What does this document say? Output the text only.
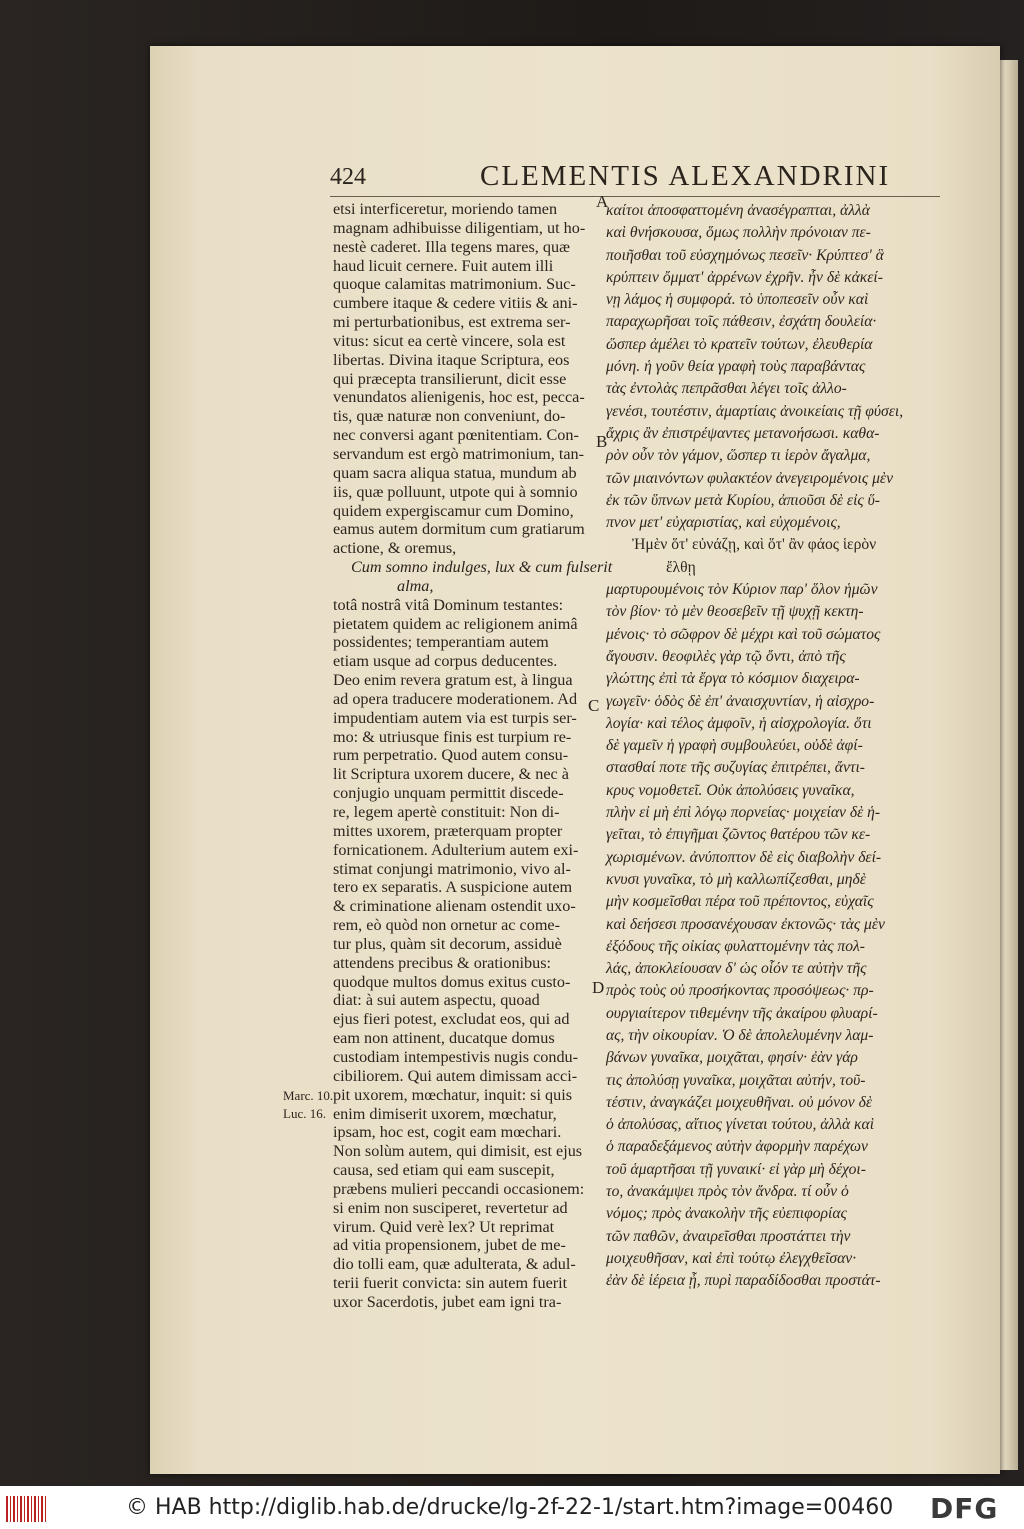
424	CLEMENTIS ALEXANDRINI
etsi interficeretur, moriendo tamen
magnam adhibuisse diligentiam, ut ho-
nestè caderet. Illa tegens mares, quæ
haud licuit cernere. Fuit autem illi
quoque calamitas matrimonium. Suc-
cumbere itaque & cedere vitiis & ani-
mi perturbationibus, est extrema ser-
vitus: sicut ea certè vincere, sola est
libertas. Divina itaque Scriptura, eos
qui præcepta transilierunt, dicit esse
venundatos alienigenis, hoc est, pecca-
tis, quæ naturæ non conveniunt, do-
nec conversi agant pœnitentiam. Con-
servandum est ergò matrimonium, tan-
quam sacra aliqua statua, mundum ab
iis, quæ polluunt, utpote qui à somnio
quidem expergiscamur cum Domino,
eamus autem dormitum cum gratiarum
actione, & oremus,
Cum somno indulges, lux & cum fulserit
alma,
totâ nostrâ vitâ Dominum testantes:
pietatem quidem ac religionem animâ
possidentes; temperantiam autem
etiam usque ad corpus deducentes.
Deo enim revera gratum est, à lingua
ad opera traducere moderationem. Ad
impudentiam autem via est turpis ser-
mo: & utriusque finis est turpium re-
rum perpetratio. Quod autem consu-
lit Scriptura uxorem ducere, & nec à
conjugio unquam permittit discede-
re, legem apertè constituit: Non di-
mittes uxorem, præterquam propter
fornicationem. Adulterium autem exi-
stimat conjungi matrimonio, vivo al-
tero ex separatis. A suspicione autem
& criminatione alienam ostendit uxo-
rem, eò quòd non ornetur ac come-
tur plus, quàm sit decorum, assiduè
attendens precibus & orationibus:
quodque multos domus exitus custo-
diat: à sui autem aspectu, quoad
ejus fieri potest, excludat eos, qui ad
eam non attinent, ducatque domus
custodiam intempestivis nugis condu-
cibiliorem. Qui autem dimissam acci-
pit uxorem, mœchatur, inquit: si quis
enim dimiserit uxorem, mœchatur,
ipsam, hoc est, cogit eam mœchari.
Non solùm autem, qui dimisit, est ejus
causa, sed etiam qui eam suscepit,
præbens mulieri peccandi occasionem:
si enim non susciperet, revertetur ad
virum. Quid verè lex? Ut reprimat
ad vitia propensionem, jubet de me-
dio tolli eam, quæ adulterata, & adul-
terii fuerit convicta: sin autem fuerit
uxor Sacerdotis, jubet eam igni tra-
καίτοι ἀποσφαττομένη ἀνασέγραπται, ἀλλὰ
καὶ θνήσκουσα, ὅμως πολλὴν πρόνοιαν πε-
ποιῆσθαι τοῦ εὐσχημόνως πεσεῖν· Κρύπτεσ' ἃ
κρύπτειν ὄμματ' ἀρρένων ἐχρῆν. ἦν δὲ κἀκεί-
νῃ λάμος ἡ συμφορά. τὸ ὑποπεσεῖν οὖν καὶ
παραχωρῆσαι τοῖς πάθεσιν, ἐσχάτη δουλεία·
ὥσπερ ἀμέλει τὸ κρατεῖν τούτων, ἐλευθερία
μόνη. ἡ γοῦν θεία γραφὴ τοὺς παραβάντας
τὰς ἐντολὰς πεπρᾶσθαι λέγει τοῖς ἀλλο-
γενέσι, τουτέστιν, ἁμαρτίαις ἀνοικείαις τῇ φύσει,
ἄχρις ἂν ἐπιστρέψαντες μετανοήσωσι. καθα-
ρὸν οὖν τὸν γάμον, ὥσπερ τι ἱερὸν ἄγαλμα,
τῶν μιαινόντων φυλακτέον ἀνεγειρομένοις μὲν
ἐκ τῶν ὕπνων μετὰ Κυρίου, ἀπιοῦσι δὲ εἰς ὕ-
πνον μετ' εὐχαριστίας, καὶ εὐχομένοις,
Ἠμὲν ὅτ' εὐνάζῃ, καὶ ὅτ' ἂν φάος ἱερὸν
ἔλθῃ
μαρτυρουμένοις τὸν Κύριον παρ' ὅλον ἡμῶν
τὸν βίον· τὸ μὲν θεοσεβεῖν τῇ ψυχῇ κεκτη-
μένοις· τὸ σῶφρον δὲ μέχρι καὶ τοῦ σώματος
ἄγουσιν. θεοφιλὲς γὰρ τῷ ὄντι, ἀπὸ τῆς
γλώττης ἐπὶ τὰ ἔργα τὸ κόσμιον διαχειρα-
γωγεῖν· ὁδὸς δὲ ἐπ' ἀναισχυντίαν, ἡ αἰσχρο-
λογία· καὶ τέλος ἀμφοῖν, ἡ αἰσχρολογία. ὅτι
δὲ γαμεῖν ἡ γραφὴ συμβουλεύει, οὐδὲ ἀφί-
στασθαί ποτε τῆς συζυγίας ἐπιτρέπει, ἄντι-
κρυς νομοθετεῖ. Οὐκ ἀπολύσεις γυναῖκα,
πλὴν εἰ μὴ ἐπὶ λόγῳ πορνείας· μοιχείαν δὲ ἡ-
γεῖται, τὸ ἐπιγῆμαι ζῶντος θατέρου τῶν κε-
χωρισμένων. ἀνύποπτον δὲ εἰς διαβολὴν δεί-
κνυσι γυναῖκα, τὸ μὴ καλλωπίζεσθαι, μηδὲ
μὴν κοσμεῖσθαι πέρα τοῦ πρέποντος, εὐχαῖς
καὶ δεήσεσι προσανέχουσαν ἐκτονῶς· τὰς μὲν
ἐξόδους τῆς οἰκίας φυλαττομένην τὰς πολ-
λάς, ἀποκλείουσαν δ' ὡς οἷόν τε αὐτὴν τῆς
πρὸς τοὺς οὐ προσήκοντας προσόψεως· πρ-
ουργιαίτερον τιθεμένην τῆς ἀκαίρου φλυαρί-
ας, τὴν οἰκουρίαν. Ὁ δὲ ἀπολελυμένην λαμ-
βάνων γυναῖκα, μοιχᾶται, φησίν· ἐὰν γάρ
τις ἀπολύσῃ γυναῖκα, μοιχᾶται αὐτήν, τοῦ-
τέστιν, ἀναγκάζει μοιχευθῆναι. οὐ μόνον δὲ
ὁ ἀπολύσας, αἴτιος γίνεται τούτου, ἀλλὰ καὶ
ὁ παραδεξάμενος αὐτὴν ἀφορμὴν παρέχων
τοῦ ἁμαρτῆσαι τῇ γυναικί· εἰ γὰρ μὴ δέχοι-
το, ἀνακάμψει πρὸς τὸν ἄνδρα. τί οὖν ὁ
νόμος; πρὸς ἀνακολὴν τῆς εὐεπιφορίας
τῶν παθῶν, ἀναιρεῖσθαι προστάττει τὴν
μοιχευθῆσαν, καὶ ἐπὶ τούτῳ ἐλεγχθεῖσαν·
ἐὰν δὲ ἱέρεια ᾖ, πυρὶ παραδίδοσθαι προστάτ-
A
B
C
D
Marc. 10.
Luc. 16.
© HAB http://diglib.hab.de/drucke/lg-2f-22-1/start.htm?image=00460 DFG
